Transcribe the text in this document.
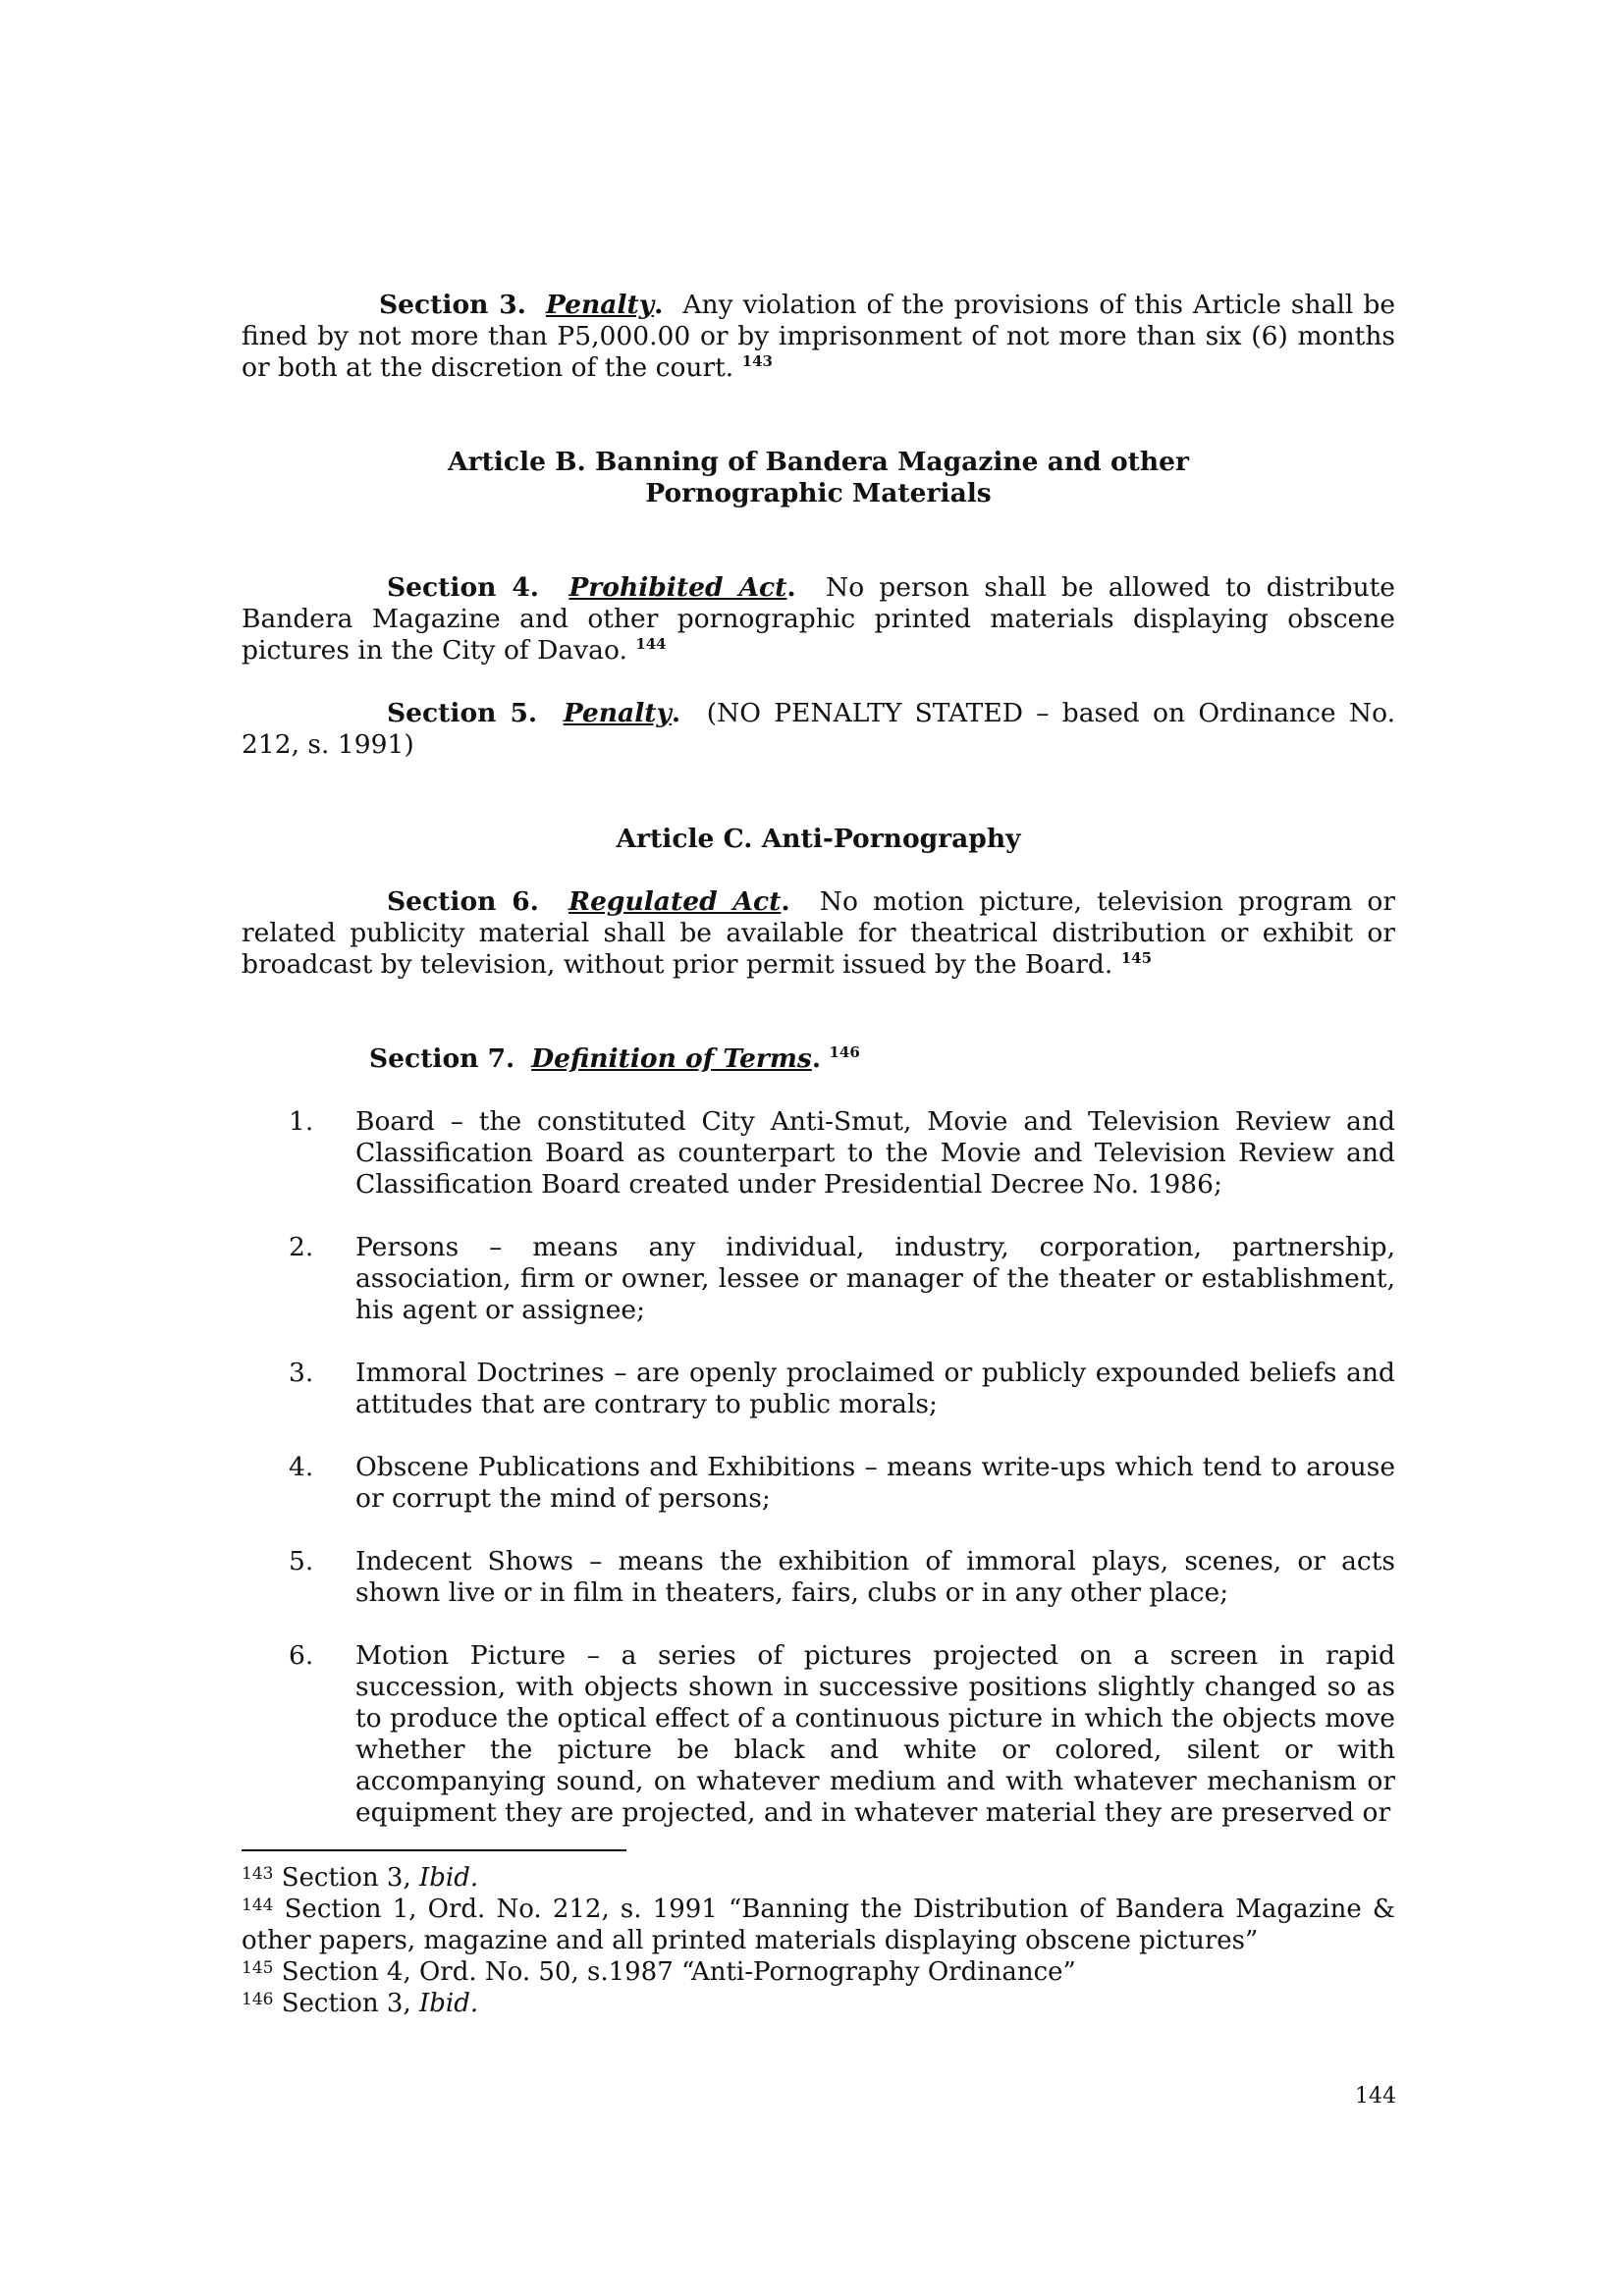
Section 3. Penalty. Any violation of the provisions of this Article shall be fined by not more than P5,000.00 or by imprisonment of not more than six (6) months or both at the discretion of the court. $^{143}$
Article B. Banning of Bandera Magazine and other
Pornographic Materials
Section 4. Prohibited Act. No person shall be allowed to distribute Bandera Magazine and other pornographic printed materials displaying obscene pictures in the City of Davao. $^{144}$
Section 5. Penalty. (NO PENALTY STATED – based on Ordinance No. 212, s. 1991)
Article C. Anti-Pornography
Section 6. Regulated Act. No motion picture, television program or related publicity material shall be available for theatrical distribution or exhibit or broadcast by television, without prior permit issued by the Board. $^{145}$
Section 7. Definition of Terms. $^{146}$
1. Board – the constituted City Anti-Smut, Movie and Television Review and Classification Board as counterpart to the Movie and Television Review and Classification Board created under Presidential Decree No. 1986;
2. Persons – means any individual, industry, corporation, partnership, association, firm or owner, lessee or manager of the theater or establishment, his agent or assignee;
3. Immoral Doctrines – are openly proclaimed or publicly expounded beliefs and attitudes that are contrary to public morals;
4. Obscene Publications and Exhibitions – means write-ups which tend to arouse or corrupt the mind of persons;
5. Indecent Shows – means the exhibition of immoral plays, scenes, or acts shown live or in film in theaters, fairs, clubs or in any other place;
6. Motion Picture – a series of pictures projected on a screen in rapid succession, with objects shown in successive positions slightly changed so as to produce the optical effect of a continuous picture in which the objects move whether the picture be black and white or colored, silent or with accompanying sound, on whatever medium and with whatever mechanism or equipment they are projected, and in whatever material they are preserved or
$^{143}$ Section 3, Ibid.
$^{144}$ Section 1, Ord. No. 212, s. 1991 “Banning the Distribution of Bandera Magazine & other papers, magazine and all printed materials displaying obscene pictures”
$^{145}$ Section 4, Ord. No. 50, s.1987 “Anti-Pornography Ordinance”
$^{146}$ Section 3, Ibid.
144
